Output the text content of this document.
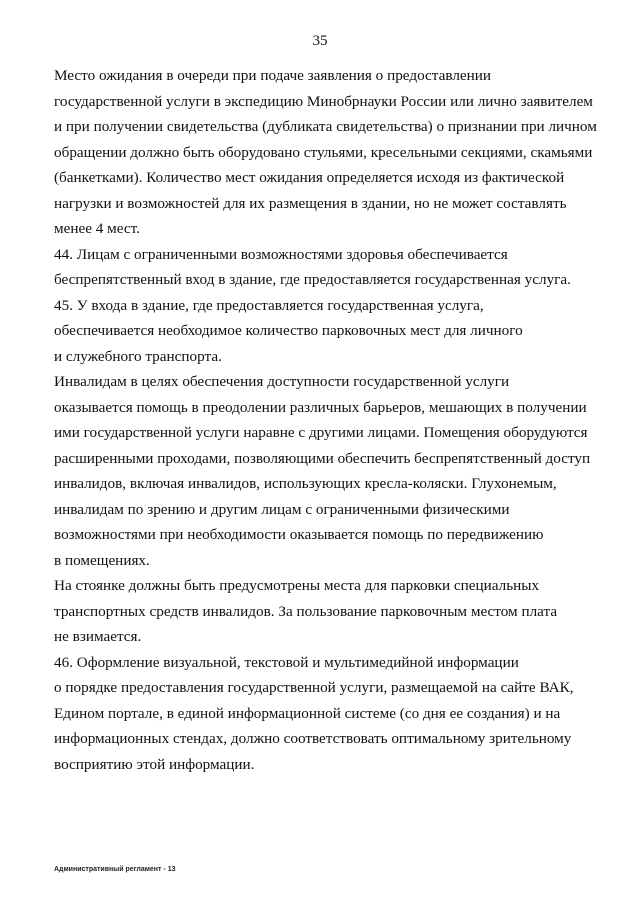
35

Место ожидания в очереди при подаче заявления о предоставлении
государственной услуги в экспедицию Минобрнауки России или лично заявителем
и при получении свидетельства (дубликата свидетельства) о признании при личном
обращении должно быть оборудовано стульями, кресельными секциями, скамьями
(банкетками). Количество мест ожидания определяется исходя из фактической
нагрузки и возможностей для их размещения в здании, но не может составлять
менее 4 мест.

44. Лицам с ограниченными возможностями здоровья обеспечивается
беспрепятственный вход в здание, где предоставляется государственная услуга.

45. У входа в здание, где предоставляется государственная услуга,
обеспечивается необходимое количество парковочных мест для личного
и служебного транспорта.

Инвалидам в целях обеспечения доступности государственной услуги
оказывается помощь в преодолении различных барьеров, мешающих в получении
ими государственной услуги наравне с другими лицами. Помещения оборудуются
расширенными проходами, позволяющими обеспечить беспрепятственный доступ
инвалидов, включая инвалидов, использующих кресла-коляски. Глухонемым,
инвалидам по зрению и другим лицам с ограниченными физическими
возможностями при необходимости оказывается помощь по передвижению
в помещениях.

На стоянке должны быть предусмотрены места для парковки специальных
транспортных средств инвалидов. За пользование парковочным местом плата
не взимается.

46. Оформление визуальной, текстовой и мультимедийной информации
о порядке предоставления государственной услуги, размещаемой на сайте ВАК,
Едином портале, в единой информационной системе (со дня ее создания) и на
информационных стендах, должно соответствовать оптимальному зрительному
восприятию этой информации.

Административный регламент - 13
